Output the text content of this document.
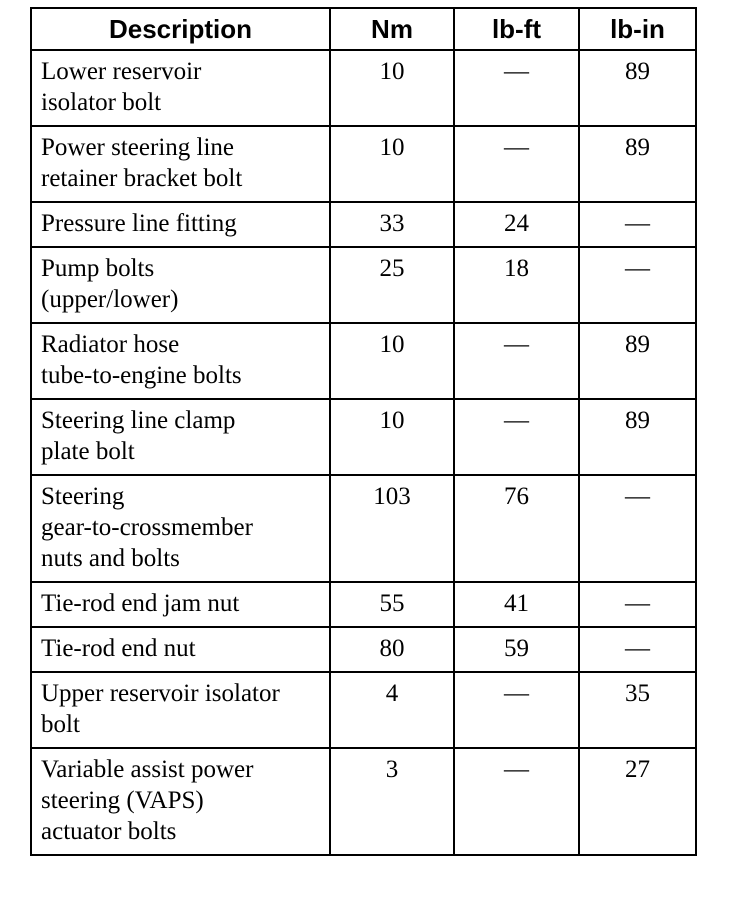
Description	Nm	lb-ft	lb-in

Lower reservoir
isolator bolt	10	—	89

Power steering line
retainer bracket bolt	10	—	89

Pressure line fitting	33	24	—

Pump bolts
(upper/lower)	25	18	—

Radiator hose
tube-to-engine bolts	10	—	89

Steering line clamp
plate bolt	10	—	89

Steering
gear-to-crossmember
nuts and bolts	103	76	—

Tie-rod end jam nut	55	41	—

Tie-rod end nut	80	59	—

Upper reservoir isolator
bolt	4	—	35

Variable assist power
steering (VAPS)
actuator bolts	3	—	27
